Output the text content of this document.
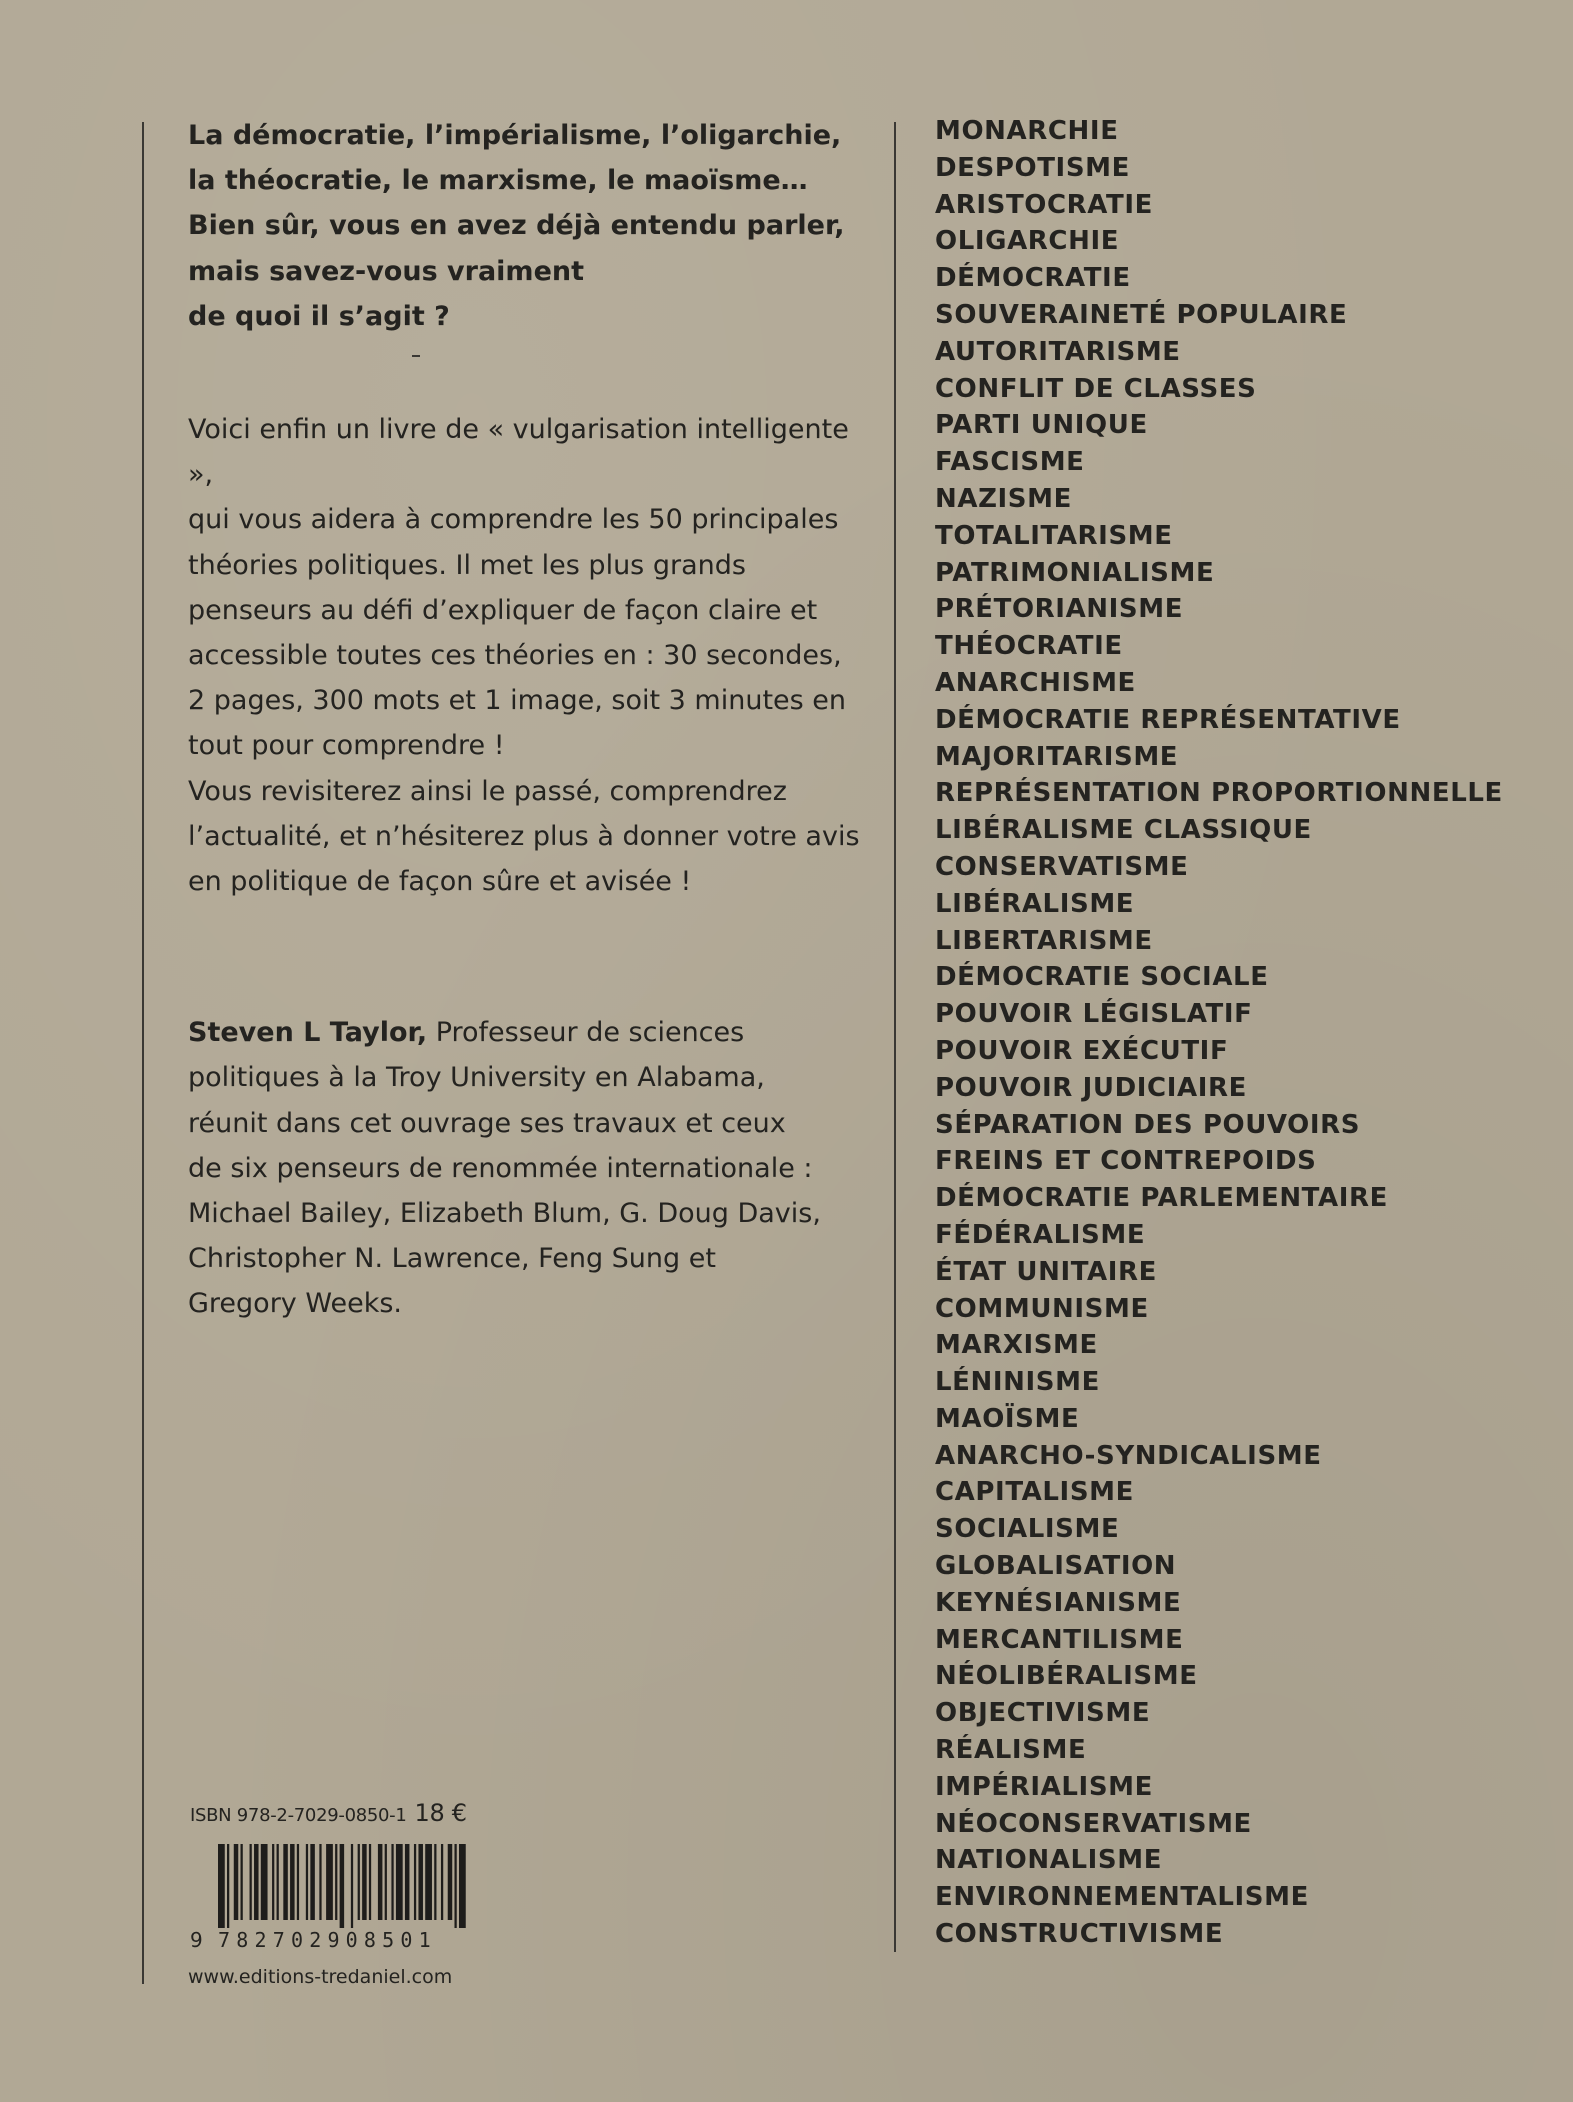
La démocratie, l’impérialisme, l’oligarchie,
la théocratie, le marxisme, le maoïsme…
Bien sûr, vous en avez déjà entendu parler,
mais savez-vous vraiment
de quoi il s’agit ?

Voici enfin un livre de « vulgarisation intelligente »,
qui vous aidera à comprendre les 50 principales
théories politiques. Il met les plus grands
penseurs au défi d’expliquer de façon claire et
accessible toutes ces théories en : 30 secondes,
2 pages, 300 mots et 1 image, soit 3 minutes en
tout pour comprendre !
Vous revisiterez ainsi le passé, comprendrez
l’actualité, et n’hésiterez plus à donner votre avis
en politique de façon sûre et avisée !

Steven L Taylor, Professeur de sciences
politiques à la Troy University en Alabama,
réunit dans cet ouvrage ses travaux et ceux
de six penseurs de renommée internationale :
Michael Bailey, Elizabeth Blum, G. Doug Davis,
Christopher N. Lawrence, Feng Sung et
Gregory Weeks.

ISBN 978-2-7029-0850-1 18 €
9 782702908501
www.editions-tredaniel.com
MONARCHIE
DESPOTISME
ARISTOCRATIE
OLIGARCHIE
DÉMOCRATIE
SOUVERAINETÉ POPULAIRE
AUTORITARISME
CONFLIT DE CLASSES
PARTI UNIQUE
FASCISME
NAZISME
TOTALITARISME
PATRIMONIALISME
PRÉTORIANISME
THÉOCRATIE
ANARCHISME
DÉMOCRATIE REPRÉSENTATIVE
MAJORITARISME
REPRÉSENTATION PROPORTIONNELLE
LIBÉRALISME CLASSIQUE
CONSERVATISME
LIBÉRALISME
LIBERTARISME
DÉMOCRATIE SOCIALE
POUVOIR LÉGISLATIF
POUVOIR EXÉCUTIF
POUVOIR JUDICIAIRE
SÉPARATION DES POUVOIRS
FREINS ET CONTREPOIDS
DÉMOCRATIE PARLEMENTAIRE
FÉDÉRALISME
ÉTAT UNITAIRE
COMMUNISME
MARXISME
LÉNINISME
MAOÏSME
ANARCHO-SYNDICALISME
CAPITALISME
SOCIALISME
GLOBALISATION
KEYNÉSIANISME
MERCANTILISME
NÉOLIBÉRALISME
OBJECTIVISME
RÉALISME
IMPÉRIALISME
NÉOCONSERVATISME
NATIONALISME
ENVIRONNEMENTALISME
CONSTRUCTIVISME
